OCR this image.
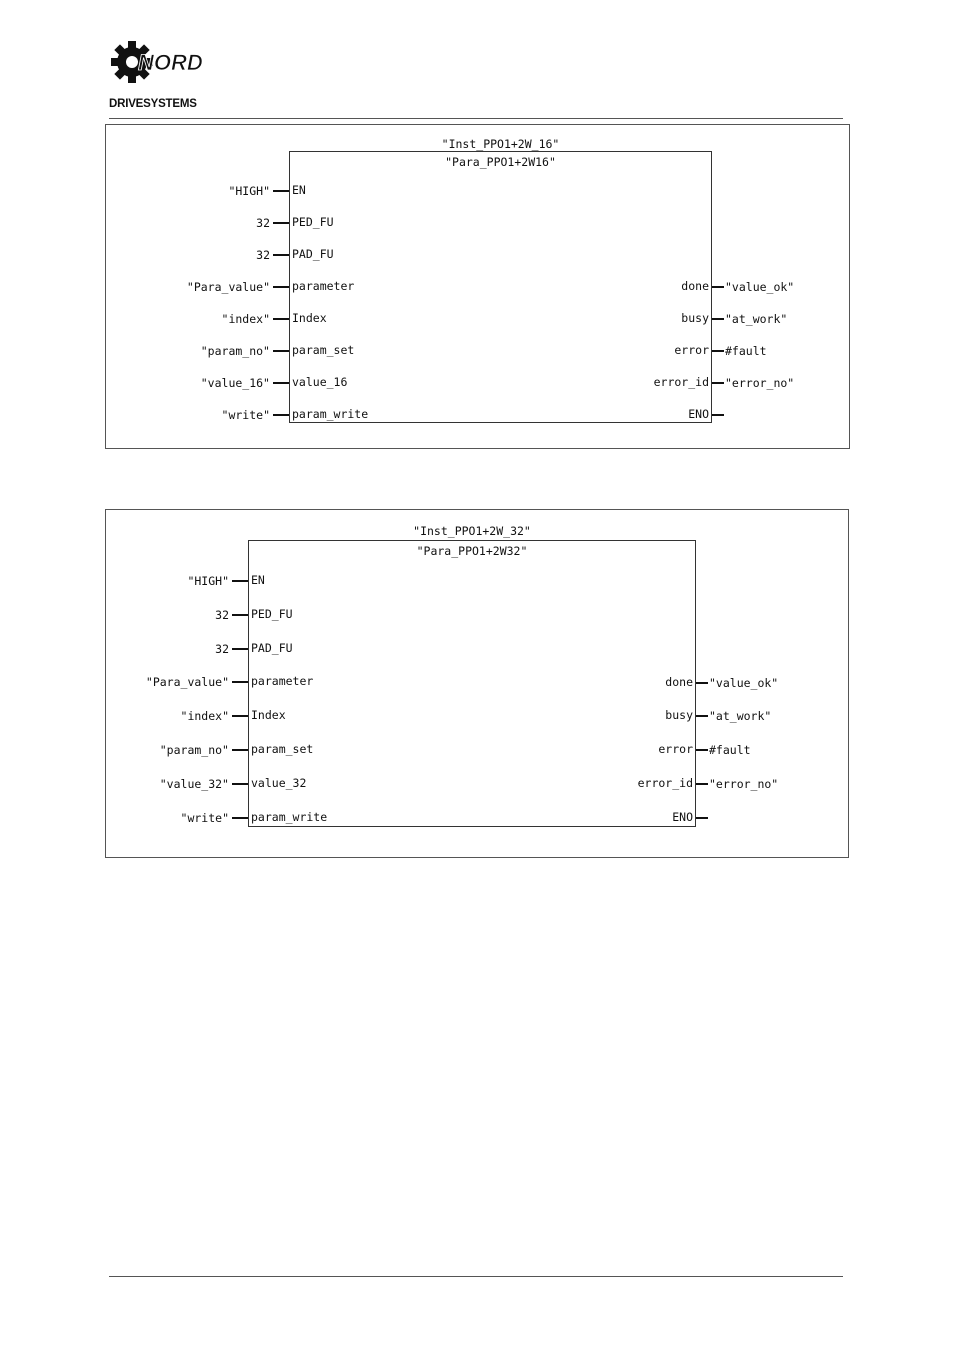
NORD
DRIVESYSTEMS
"Inst_PPO1+2W_16"
"Para_PPO1+2W16"
EN
"HIGH"
PED_FU
32
PAD_FU
32
parameter
"Para_value"
Index
"index"
param_set
"param_no"
value_16
"value_16"
param_write
"write"
done "value_ok"
busy "at_work"
error #fault
error_id "error_no"
ENO
"Inst_PPO1+2W_32"
"Para_PPO1+2W32"
EN
"HIGH"
PED_FU
32
PAD_FU
32
parameter
"Para_value"
Index
"index"
param_set
"param_no"
value_32
"value_32"
param_write
"write"
done "value_ok"
busy "at_work"
error #fault
error_id "error_no"
ENO
